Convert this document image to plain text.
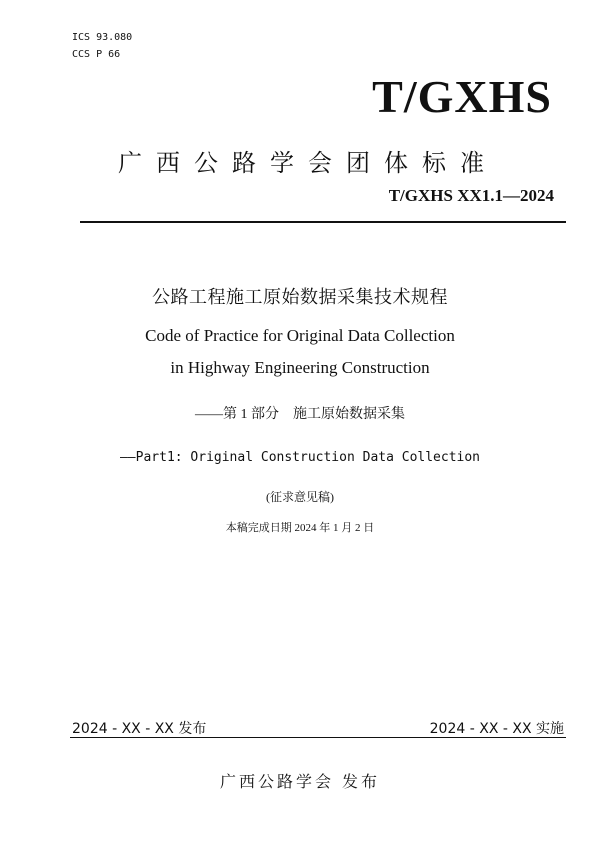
ICS 93.080
CCS P 66
T/GXHS
广西公路学会团体标准
T/GXHS XX1.1—2024
公路工程施工原始数据采集技术规程
Code of Practice for Original Data Collection
in Highway Engineering Construction
——第 1 部分　施工原始数据采集
——Part1: Original Construction Data Collection
(征求意见稿)
本稿完成日期 2024 年 1 月 2 日
2024 - XX - XX 发布	2024 - XX - XX 实施
广西公路学会 发布
